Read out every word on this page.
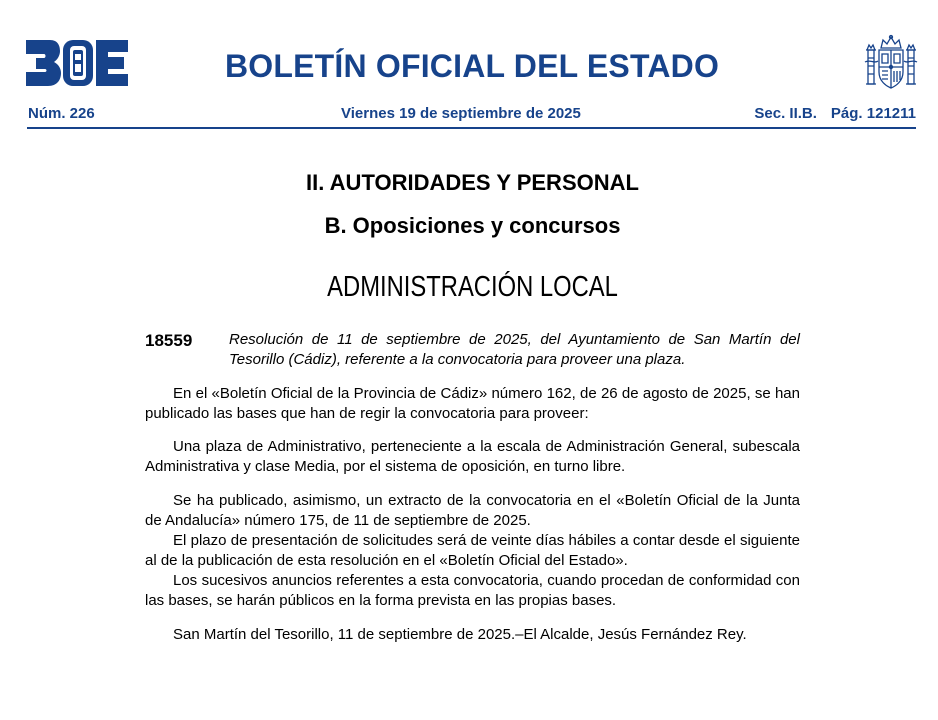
BOLETÍN OFICIAL DEL ESTADO
Núm. 226	Viernes 19 de septiembre de 2025	Sec. II.B. Pág. 121211
II. AUTORIDADES Y PERSONAL
B. Oposiciones y concursos
ADMINISTRACIÓN LOCAL
18559 Resolución de 11 de septiembre de 2025, del Ayuntamiento de San Martín del Tesorillo (Cádiz), referente a la convocatoria para proveer una plaza.

En el «Boletín Oficial de la Provincia de Cádiz» número 162, de 26 de agosto de 2025, se han publicado las bases que han de regir la convocatoria para proveer:

Una plaza de Administrativo, perteneciente a la escala de Administración General, subescala Administrativa y clase Media, por el sistema de oposición, en turno libre.

Se ha publicado, asimismo, un extracto de la convocatoria en el «Boletín Oficial de la Junta de Andalucía» número 175, de 11 de septiembre de 2025.

El plazo de presentación de solicitudes será de veinte días hábiles a contar desde el siguiente al de la publicación de esta resolución en el «Boletín Oficial del Estado».

Los sucesivos anuncios referentes a esta convocatoria, cuando procedan de conformidad con las bases, se harán públicos en la forma prevista en las propias bases.

San Martín del Tesorillo, 11 de septiembre de 2025.–El Alcalde, Jesús Fernández Rey.
